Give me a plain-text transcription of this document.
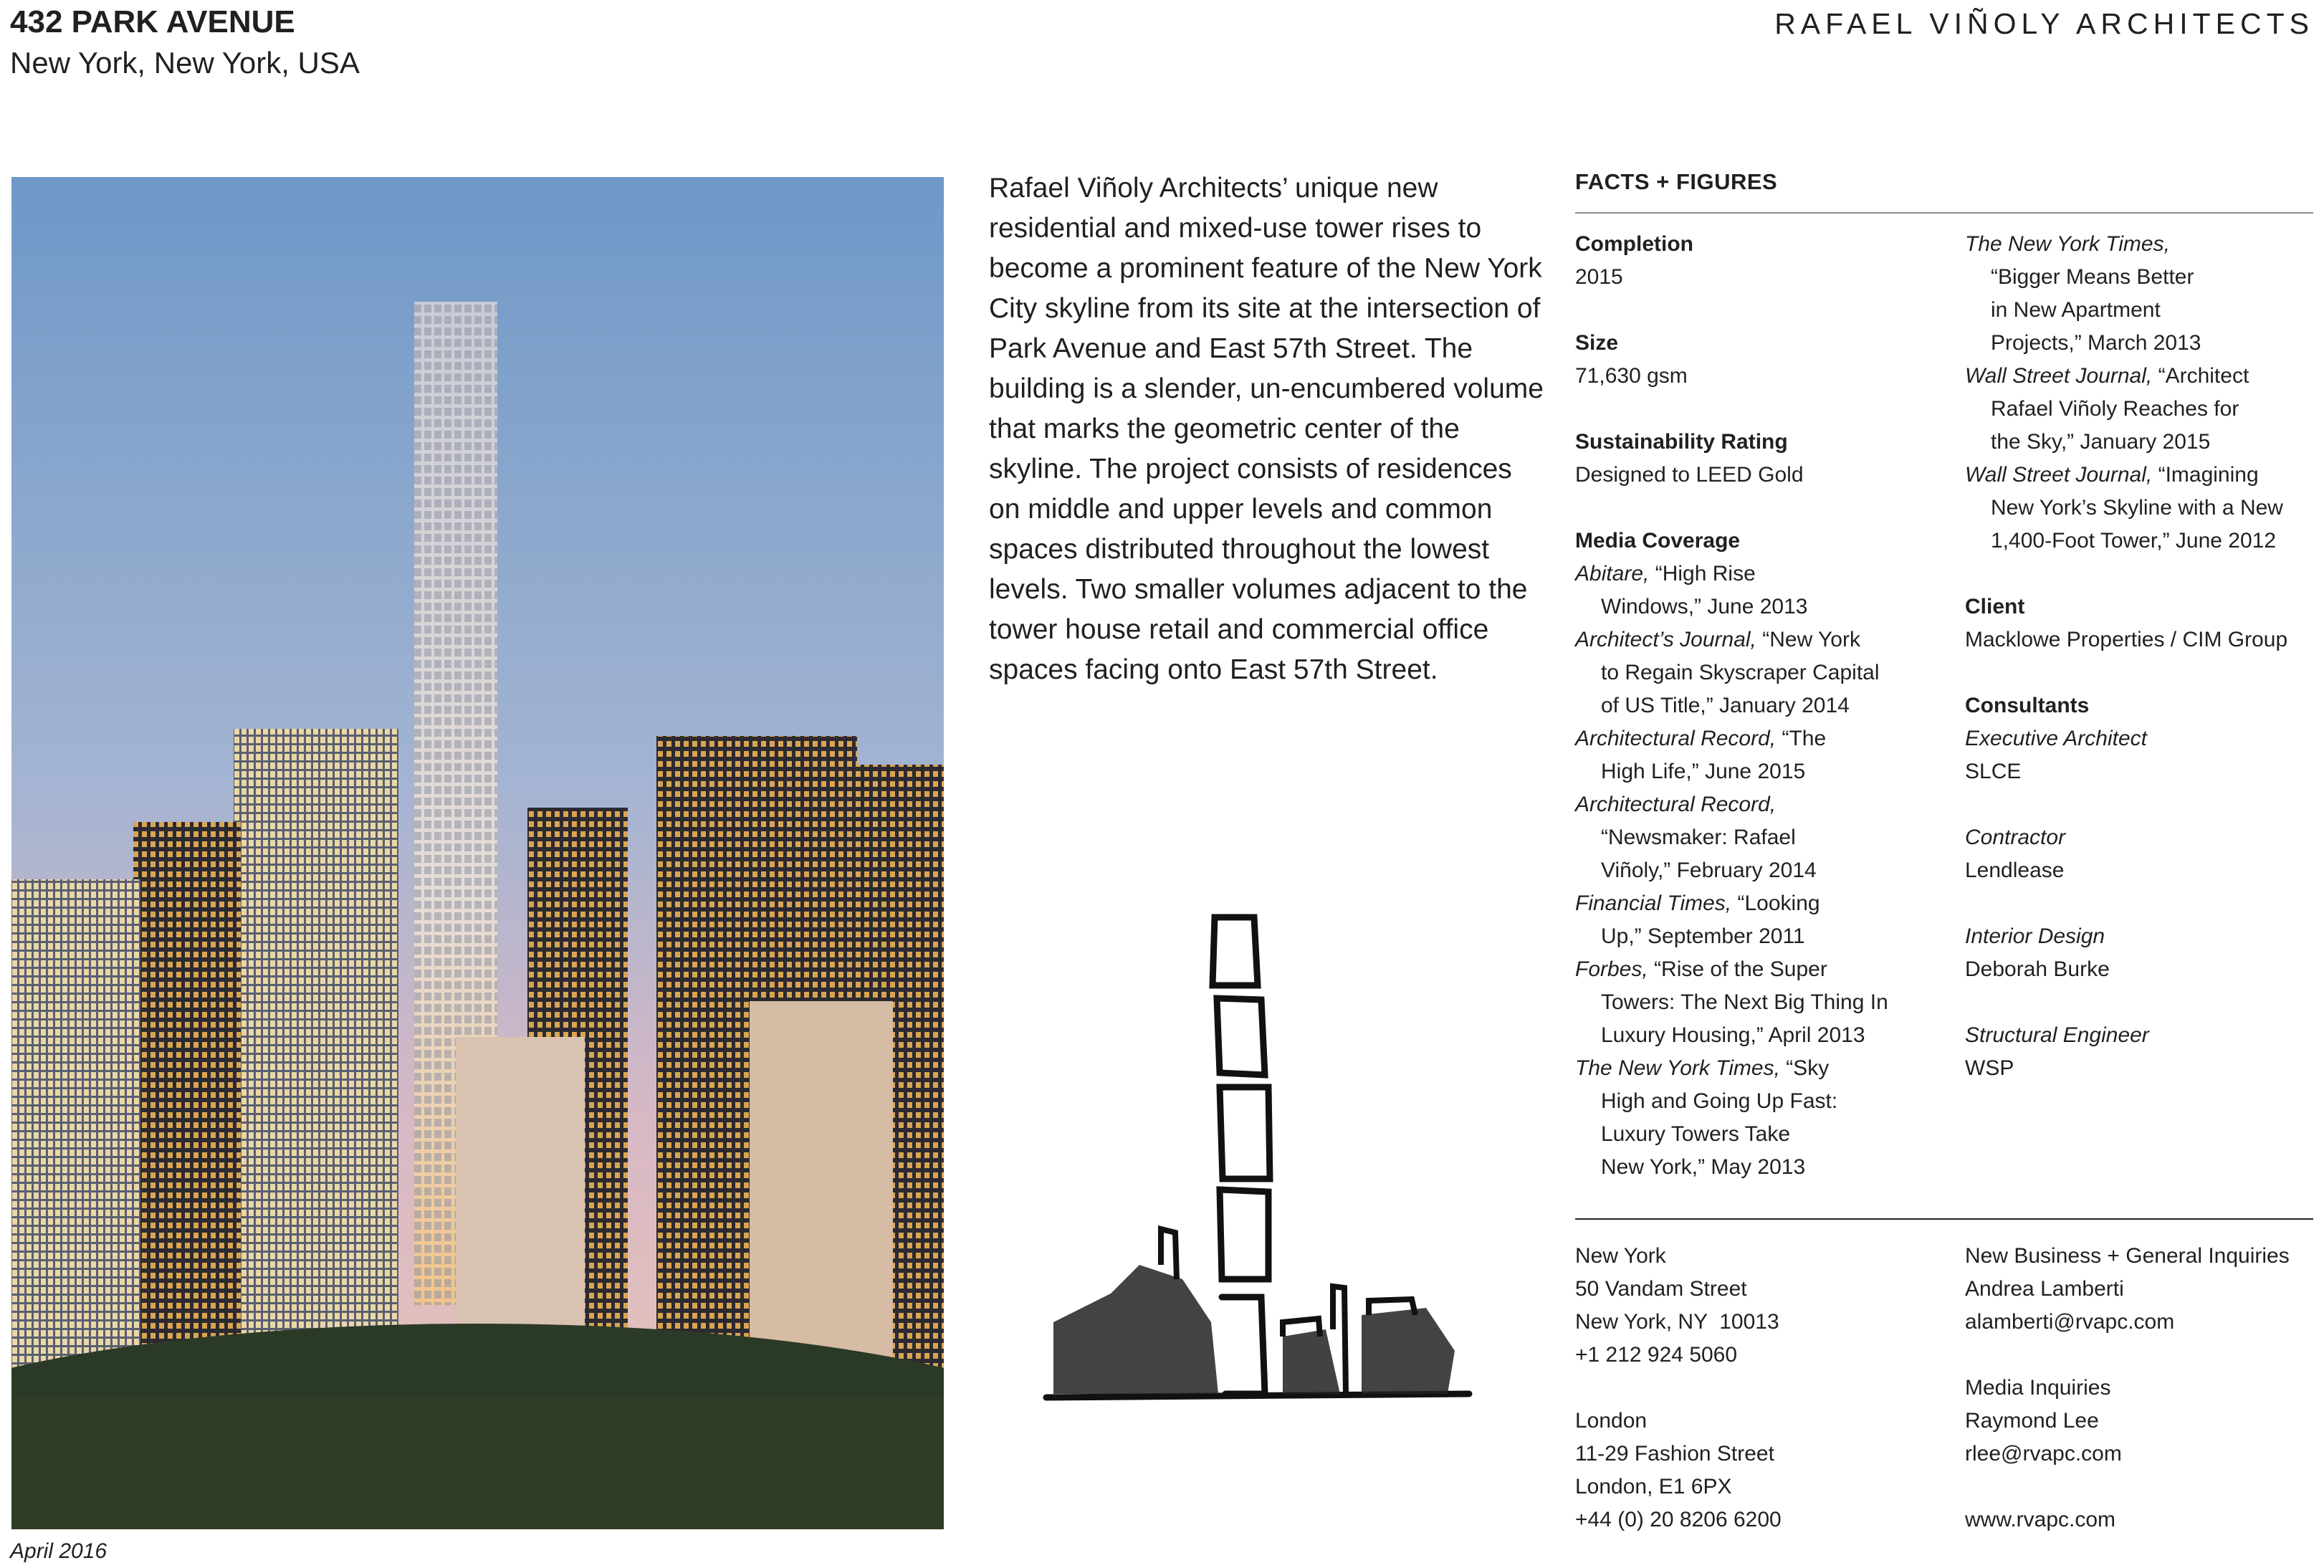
432 PARK AVENUE
New York, New York, USA
RAFAEL VIÑOLY ARCHITECTS
April 2016

Rafael Viñoly Architects’ unique new residential and mixed-use tower rises to become a prominent feature of the New York City skyline from its site at the intersection of Park Avenue and East 57th Street. The building is a slender, un-encumbered volume that marks the geometric center of the skyline. The project consists of residences on middle and upper levels and common spaces distributed throughout the lowest levels. Two smaller volumes adjacent to the tower house retail and commercial office spaces facing onto East 57th Street.

FACTS + FIGURES
Completion
2015
Size
71,630 gsm
Sustainability Rating
Designed to LEED Gold
Media Coverage
Abitare, “High Rise
Windows,” June 2013
Architect’s Journal, “New York
to Regain Skyscraper Capital
of US Title,” January 2014
Architectural Record, “The
High Life,” June 2015
Architectural Record,
“Newsmaker: Rafael
Viñoly,” February 2014
Financial Times, “Looking
Up,” September 2011
Forbes, “Rise of the Super
Towers: The Next Big Thing In
Luxury Housing,” April 2013
The New York Times, “Sky
High and Going Up Fast:
Luxury Towers Take
New York,” May 2013
The New York Times,
“Bigger Means Better
in New Apartment
Projects,” March 2013
Wall Street Journal, “Architect
Rafael Viñoly Reaches for
the Sky,” January 2015
Wall Street Journal, “Imagining
New York’s Skyline with a New
1,400-Foot Tower,” June 2012
Client
Macklowe Properties / CIM Group
Consultants
Executive Architect
SLCE
Contractor
Lendlease
Interior Design
Deborah Burke
Structural Engineer
WSP
New York
50 Vandam Street
New York, NY  10013
+1 212 924 5060
London
11-29 Fashion Street
London, E1 6PX
+44 (0) 20 8206 6200
New Business + General Inquiries
Andrea Lamberti
alamberti@rvapc.com
Media Inquiries
Raymond Lee
rlee@rvapc.com
www.rvapc.com
